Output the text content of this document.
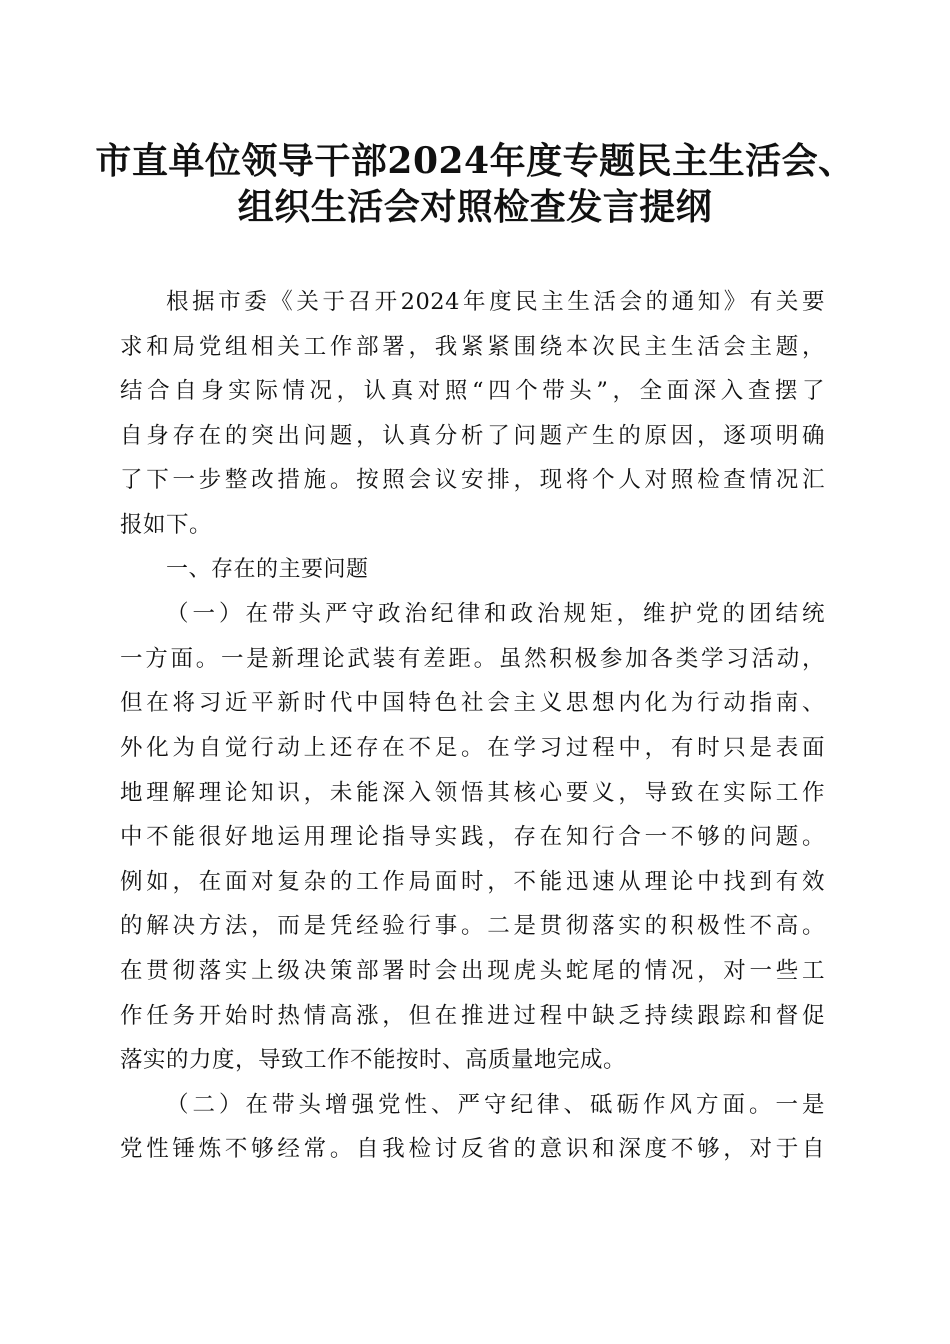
市直单位领导干部2024年度专题民主生活会、
组织生活会对照检查发言提纲
根据市委《关于召开2024年度民主生活会的通知》有关要
求和局党组相关工作部署，我紧紧围绕本次民主生活会主题，
结合自身实际情况，认真对照“四个带头”，全面深入查摆了
自身存在的突出问题，认真分析了问题产生的原因，逐项明确
了下一步整改措施。按照会议安排，现将个人对照检查情况汇
报如下。
一、存在的主要问题
（一）在带头严守政治纪律和政治规矩，维护党的团结统
一方面。一是新理论武装有差距。虽然积极参加各类学习活动，
但在将习近平新时代中国特色社会主义思想内化为行动指南、
外化为自觉行动上还存在不足。在学习过程中，有时只是表面
地理解理论知识，未能深入领悟其核心要义，导致在实际工作
中不能很好地运用理论指导实践，存在知行合一不够的问题。
例如，在面对复杂的工作局面时，不能迅速从理论中找到有效
的解决方法，而是凭经验行事。二是贯彻落实的积极性不高。
在贯彻落实上级决策部署时会出现虎头蛇尾的情况，对一些工
作任务开始时热情高涨，但在推进过程中缺乏持续跟踪和督促
落实的力度，导致工作不能按时、高质量地完成。
（二）在带头增强党性、严守纪律、砥砺作风方面。一是
党性锤炼不够经常。自我检讨反省的意识和深度不够，对于自
